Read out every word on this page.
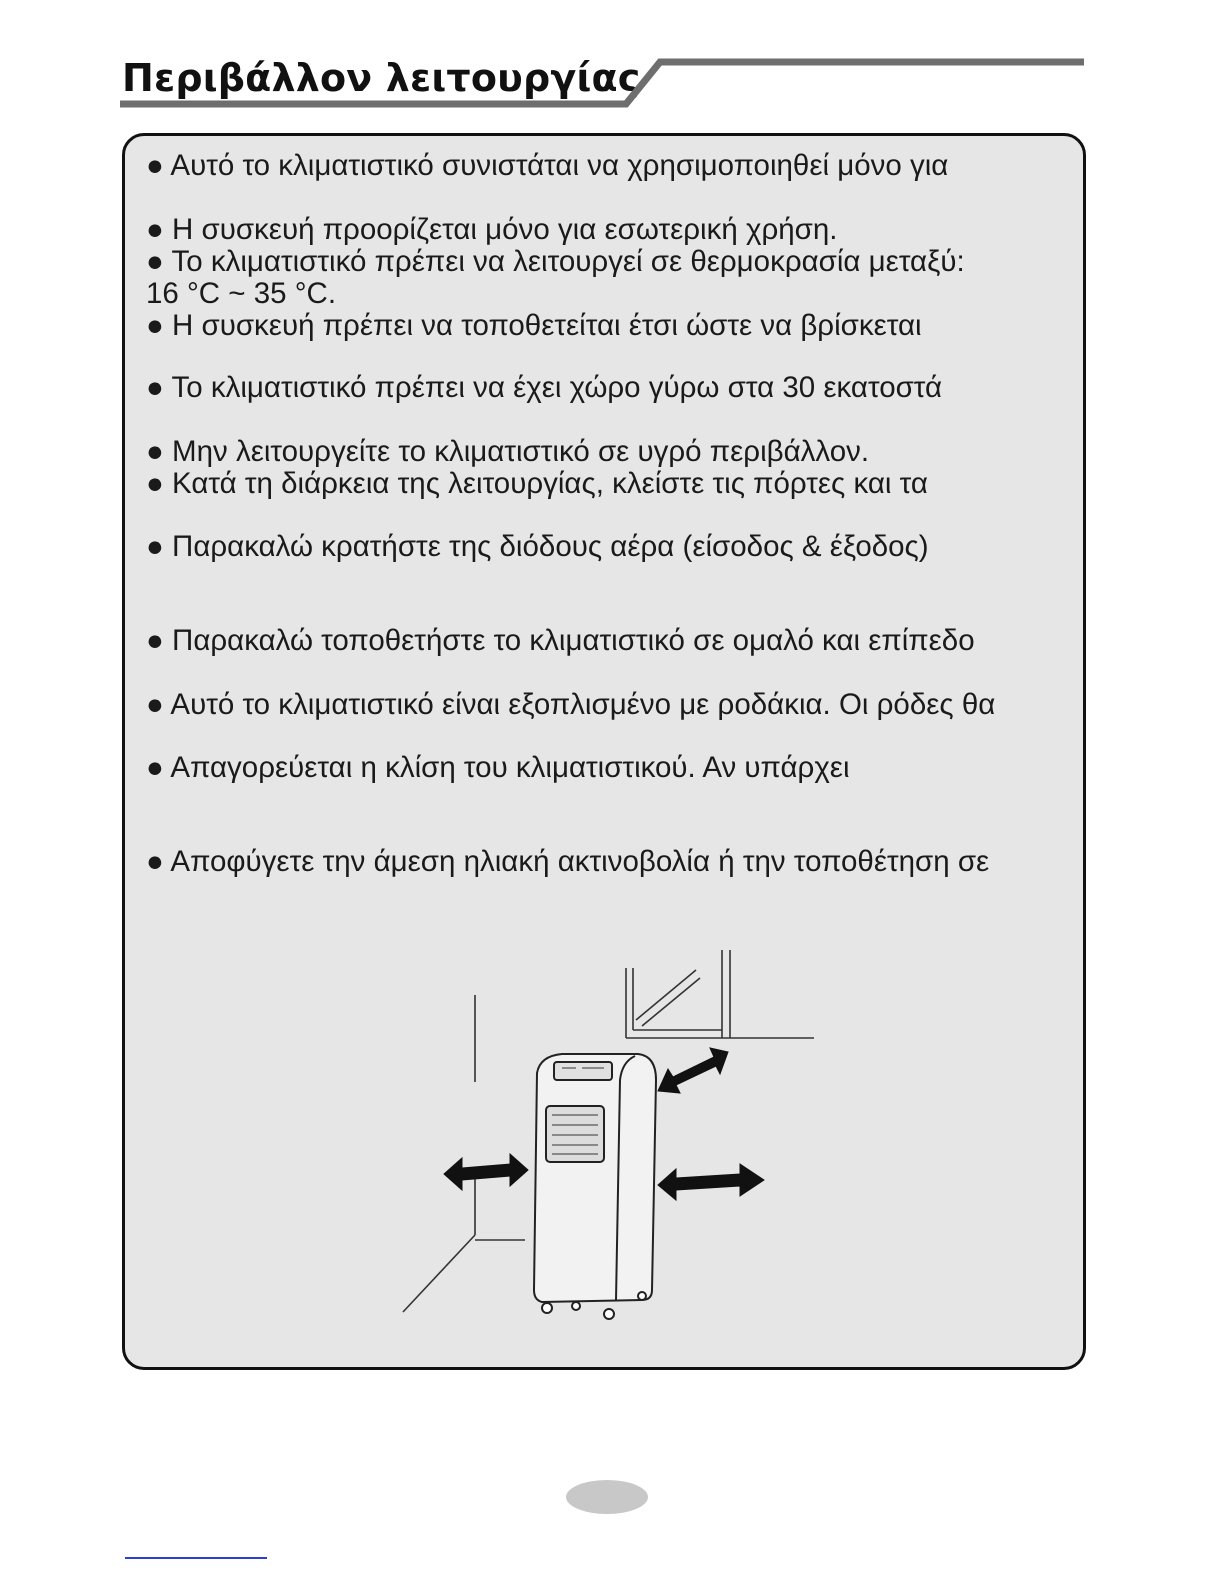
Περιβάλλον λειτουργίας

● Αυτό το κλιματιστικό συνιστάται να χρησιμοποιηθεί μόνο για

● Η συσκευή προορίζεται μόνο για εσωτερική χρήση.

● Το κλιματιστικό πρέπει να λειτουργεί σε θερμοκρασία μεταξύ:

16 °C ~ 35 °C.

● Η συσκευή πρέπει να τοποθετείται έτσι ώστε να βρίσκεται

● Το κλιματιστικό πρέπει να έχει χώρο γύρω στα 30 εκατοστά

● Μην λειτουργείτε το κλιματιστικό σε υγρό περιβάλλον.

● Κατά τη διάρκεια της λειτουργίας, κλείστε τις πόρτες και τα

● Παρακαλώ κρατήστε της διόδους αέρα (είσοδος & έξοδος)

● Παρακαλώ τοποθετήστε το κλιματιστικό σε ομαλό και επίπεδο

● Αυτό το κλιματιστικό είναι εξοπλισμένο με ροδάκια. Οι ρόδες θα

● Απαγορεύεται η κλίση του κλιματιστικού. Αν υπάρχει

● Αποφύγετε την άμεση ηλιακή ακτινοβολία ή την τοποθέτηση σε
